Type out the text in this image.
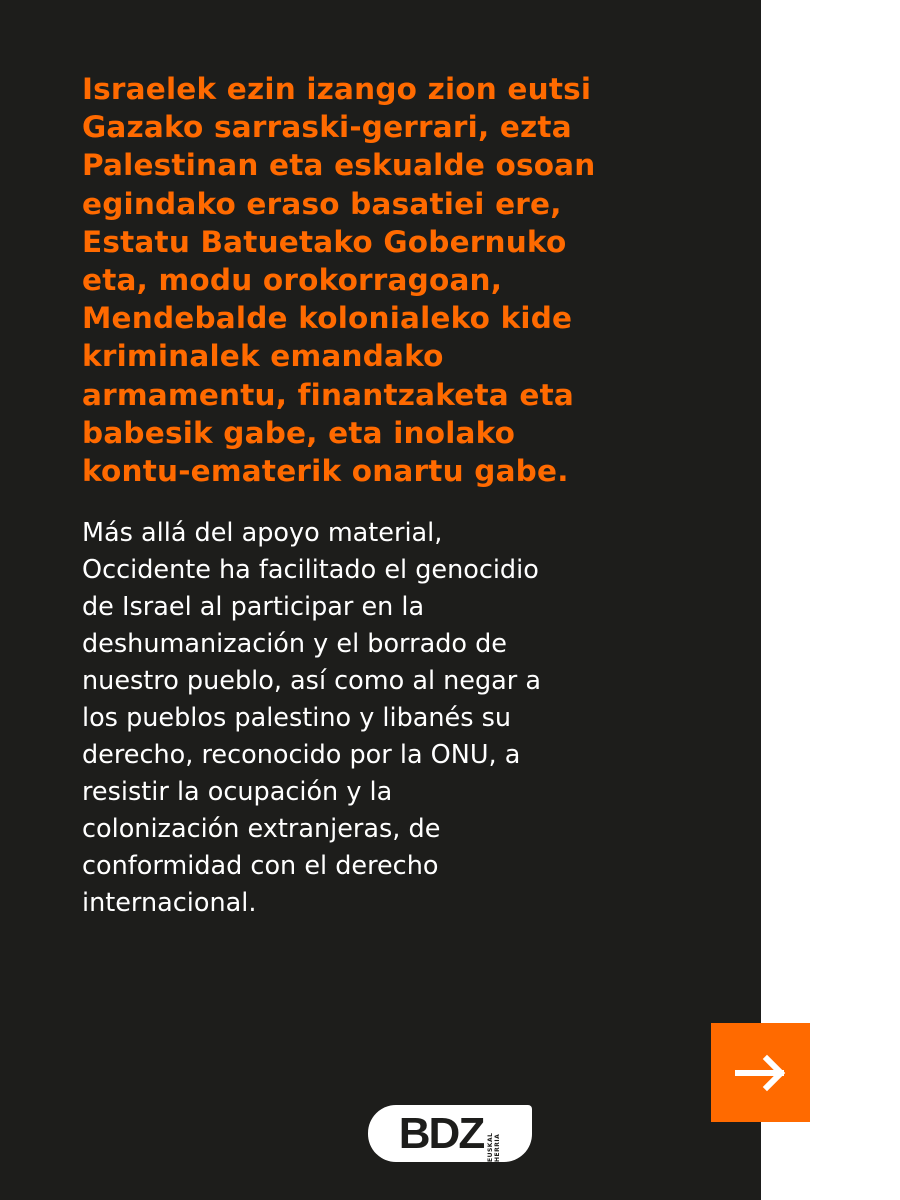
Israelek ezin izango zion eutsi
Gazako sarraski-gerrari, ezta
Palestinan eta eskualde osoan
egindako eraso basatiei ere,
Estatu Batuetako Gobernuko
eta, modu orokorragoan,
Mendebalde kolonialeko kide
kriminalek emandako
armamentu, finantzaketa eta
babesik gabe, eta inolako
kontu-ematerik onartu gabe.

Más allá del apoyo material,
Occidente ha facilitado el genocidio
de Israel al participar en la
deshumanización y el borrado de
nuestro pueblo, así como al negar a
los pueblos palestino y libanés su
derecho, reconocido por la ONU, a
resistir la ocupación y la
colonización extranjeras, de
conformidad con el derecho
internacional.

BDZ EUSKAL HERRIA
